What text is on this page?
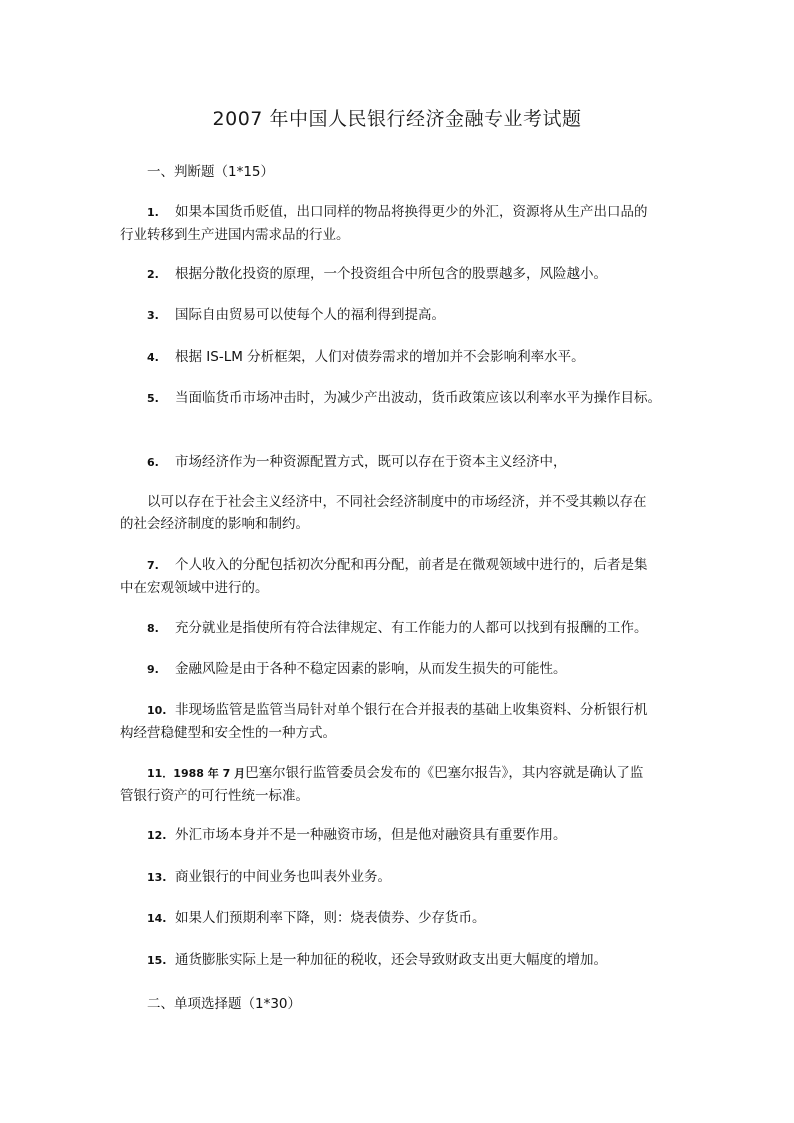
2007 年中国人民银行经济金融专业考试题
一、判断题（1*15）
1. 如果本国货币贬值，出口同样的物品将换得更少的外汇，资源将从生产出口品的
行业转移到生产进国内需求品的行业。
2. 根据分散化投资的原理，一个投资组合中所包含的股票越多，风险越小。
3. 国际自由贸易可以使每个人的福利得到提高。
4. 根据 IS-LM 分析框架，人们对债券需求的增加并不会影响利率水平。
5. 当面临货币市场冲击时，为减少产出波动，货币政策应该以利率水平为操作目标。
6. 市场经济作为一种资源配置方式，既可以存在于资本主义经济中，
以可以存在于社会主义经济中，不同社会经济制度中的市场经济，并不受其赖以存在
的社会经济制度的影响和制约。
7. 个人收入的分配包括初次分配和再分配，前者是在微观领域中进行的，后者是集
中在宏观领域中进行的。
8. 充分就业是指使所有符合法律规定、有工作能力的人都可以找到有报酬的工作。
9. 金融风险是由于各种不稳定因素的影响，从而发生损失的可能性。
10. 非现场监管是监管当局针对单个银行在合并报表的基础上收集资料、分析银行机
构经营稳健型和安全性的一种方式。
11．1988 年 7 月巴塞尔银行监管委员会发布的《巴塞尔报告》，其内容就是确认了监
管银行资产的可行性统一标准。
12. 外汇市场本身并不是一种融资市场，但是他对融资具有重要作用。
13. 商业银行的中间业务也叫表外业务。
14. 如果人们预期利率下降，则：烧表债券、少存货币。
15. 通货膨胀实际上是一种加征的税收，还会导致财政支出更大幅度的增加。
二、单项选择题（1*30）
